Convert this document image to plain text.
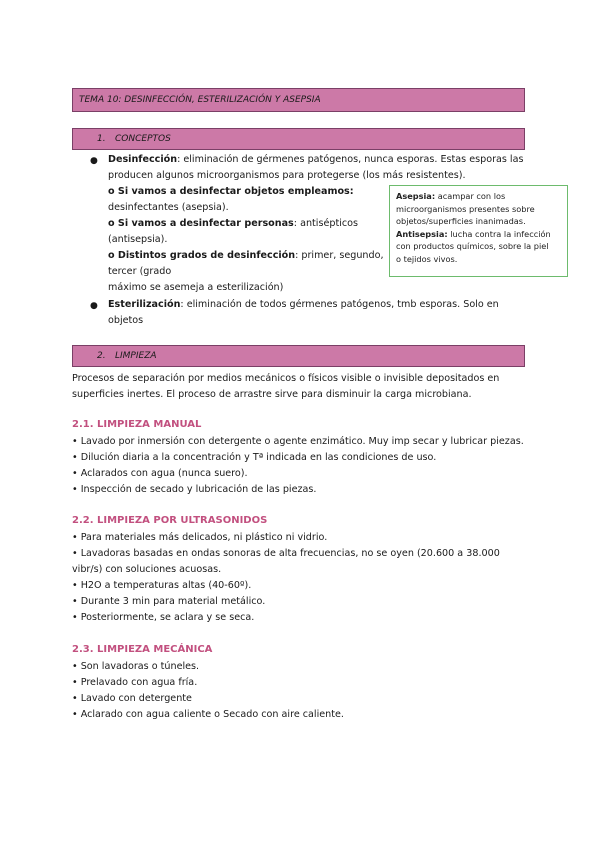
TEMA 10: DESINFECCIÓN, ESTERILIZACIÓN Y ASEPSIA
1. CONCEPTOS
● Desinfección: eliminación de gérmenes patógenos, nunca esporas. Estas esporas las
producen algunos microorganismos para protegerse (los más resistentes).
o Si vamos a desinfectar objetos empleamos:
desinfectantes (asepsia).
o Si vamos a desinfectar personas: antisépticos
(antisepsia).
o Distintos grados de desinfección: primer, segundo,
tercer (grado
máximo se asemeja a esterilización)
● Esterilización: eliminación de todos gérmenes patógenos, tmb esporas. Solo en
objetos
Asepsia: acampar con los
microorganismos presentes sobre
objetos/superficies inanimadas.
Antisepsia: lucha contra la infección
con productos químicos, sobre la piel
o tejidos vivos.
2. LIMPIEZA
Procesos de separación por medios mecánicos o físicos visible o invisible depositados en
superficies inertes. El proceso de arrastre sirve para disminuir la carga microbiana.
2.1. LIMPIEZA MANUAL
• Lavado por inmersión con detergente o agente enzimático. Muy imp secar y lubricar piezas.
• Dilución diaria a la concentración y Tª indicada en las condiciones de uso.
• Aclarados con agua (nunca suero).
• Inspección de secado y lubricación de las piezas.
2.2. LIMPIEZA POR ULTRASONIDOS
• Para materiales más delicados, ni plástico ni vidrio.
• Lavadoras basadas en ondas sonoras de alta frecuencias, no se oyen (20.600 a 38.000
vibr/s) con soluciones acuosas.
• H2O a temperaturas altas (40-60º).
• Durante 3 min para material metálico.
• Posteriormente, se aclara y se seca.
2.3. LIMPIEZA MECÁNICA
• Son lavadoras o túneles.
• Prelavado con agua fría.
• Lavado con detergente
• Aclarado con agua caliente o Secado con aire caliente.
